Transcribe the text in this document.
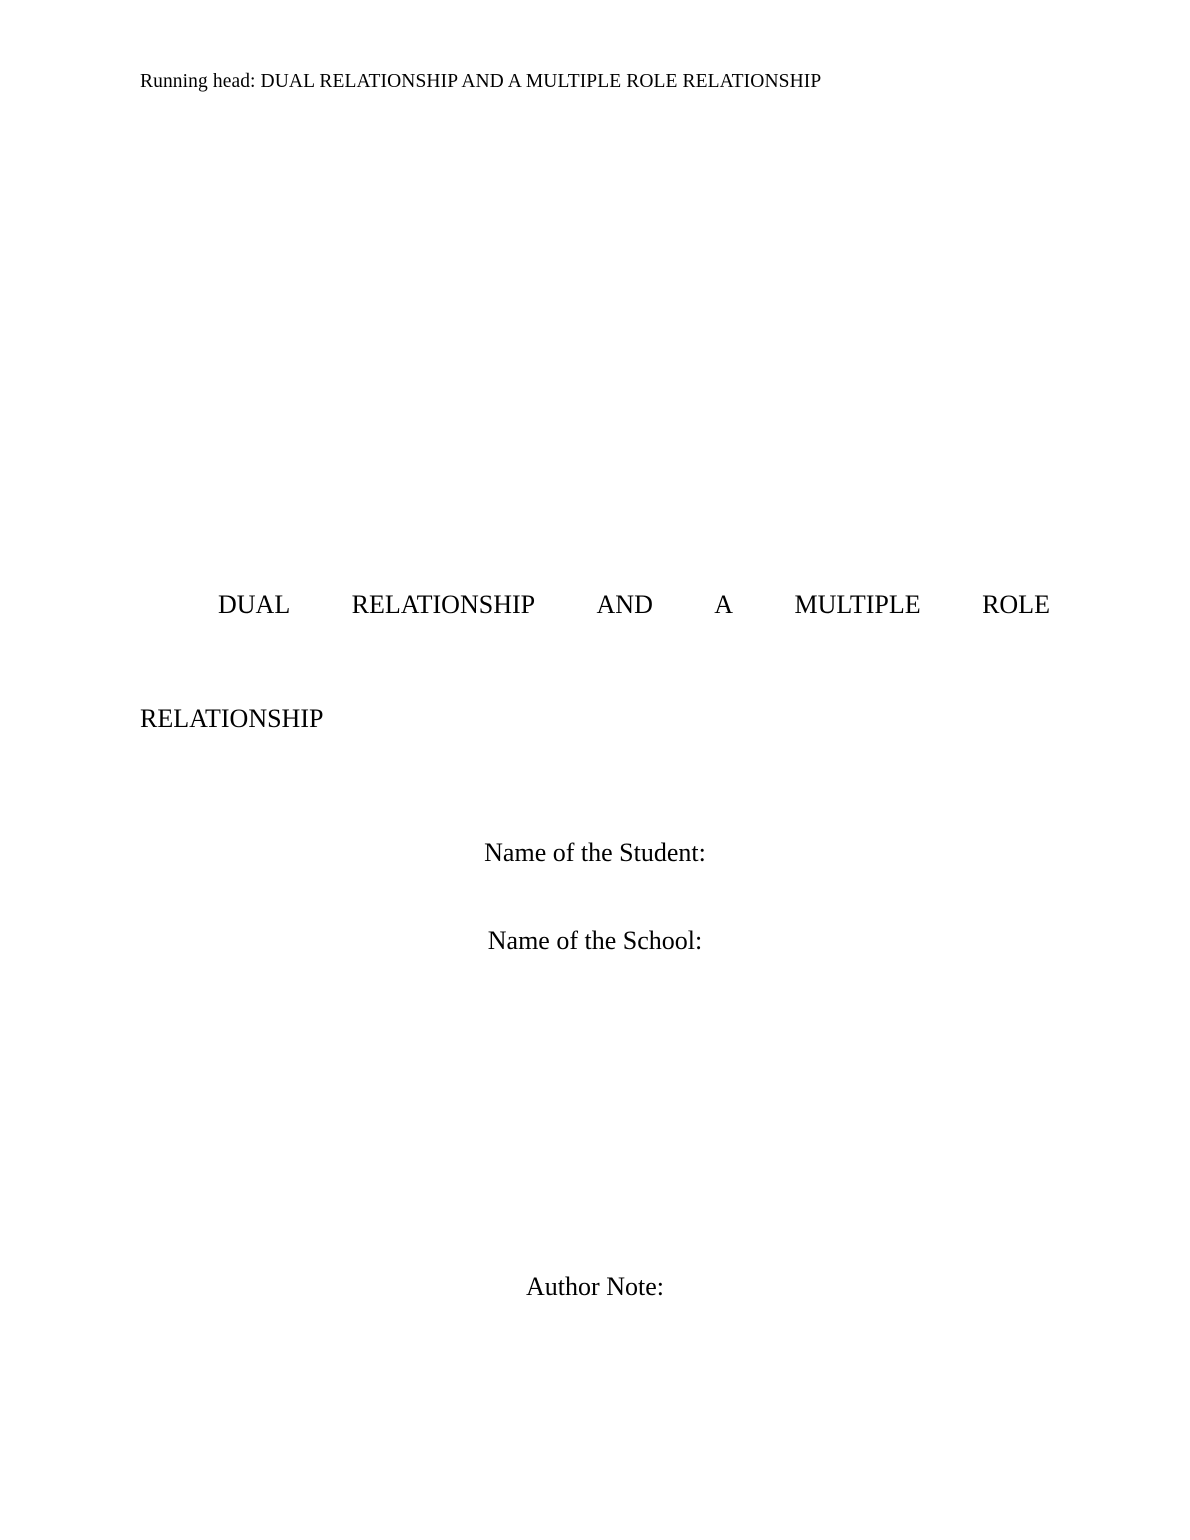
Running head: DUAL RELATIONSHIP AND A MULTIPLE ROLE RELATIONSHIP
DUAL RELATIONSHIP AND A MULTIPLE ROLE
RELATIONSHIP
Name of the Student:
Name of the School:
Author Note:
